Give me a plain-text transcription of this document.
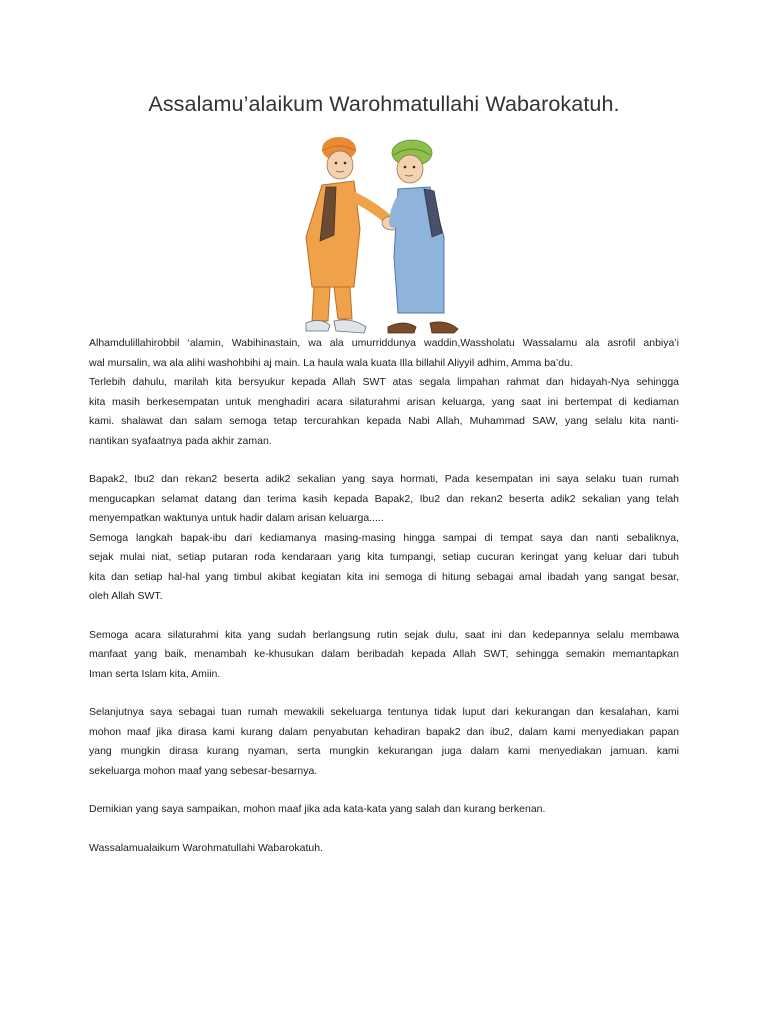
Assalamu’alaikum Warohmatullahi Wabarokatuh.
Alhamdulillahirobbil ‘alamin, Wabihinastain, wa ala umurriddunya waddin,Wassholatu Wassalamu ala asrofil anbiya’i
wal mursalin, wa ala alihi washohbihi aj main. La haula wala kuata Illa billahil Aliyyil adhim, Amma ba’du.
Terlebih dahulu, marilah kita bersyukur kepada Allah SWT atas segala limpahan rahmat dan hidayah-Nya sehingga
kita masih berkesempatan untuk menghadiri acara silaturahmi arisan keluarga, yang saat ini bertempat di kediaman
kami. shalawat dan salam semoga tetap tercurahkan kepada Nabi Allah, Muhammad SAW, yang selalu kita nanti-
nantikan syafaatnya pada akhir zaman.
Bapak2, Ibu2 dan rekan2 beserta adik2 sekalian yang saya hormati, Pada kesempatan ini saya selaku tuan rumah
mengucapkan selamat datang dan terima kasih kepada Bapak2, Ibu2 dan rekan2 beserta adik2 sekalian yang telah
menyempatkan waktunya untuk hadir dalam arisan keluarga.....
Semoga langkah bapak-ibu dari kediamanya masing-masing hingga sampai di tempat saya dan nanti sebaliknya,
sejak mulai niat, setiap putaran roda kendaraan yang kita tumpangi, setiap cucuran keringat yang keluar dari tubuh
kita dan setiap hal-hal yang timbul akibat kegiatan kita ini semoga di hitung sebagai amal ibadah yang sangat besar,
oleh Allah SWT.
Semoga acara silaturahmi kita yang sudah berlangsung rutin sejak dulu, saat ini dan kedepannya selalu membawa
manfaat yang baik, menambah ke-khusukan dalam beribadah kepada Allah SWT, sehingga semakin memantapkan
Iman serta Islam kita, Amiin.
Selanjutnya saya sebagai tuan rumah mewakili sekeluarga tentunya tidak luput dari kekurangan dan kesalahan, kami
mohon maaf jika dirasa kami kurang dalam penyabutan kehadiran bapak2 dan ibu2, dalam kami menyediakan papan
yang mungkin dirasa kurang nyaman, serta mungkin kekurangan juga dalam kami menyediakan jamuan. kami
sekeluarga mohon maaf yang sebesar-besarnya.
Demikian yang saya sampaikan, mohon maaf jika ada kata-kata yang salah dan kurang berkenan.
Wassalamualaikum Warohmatullahi Wabarokatuh.
